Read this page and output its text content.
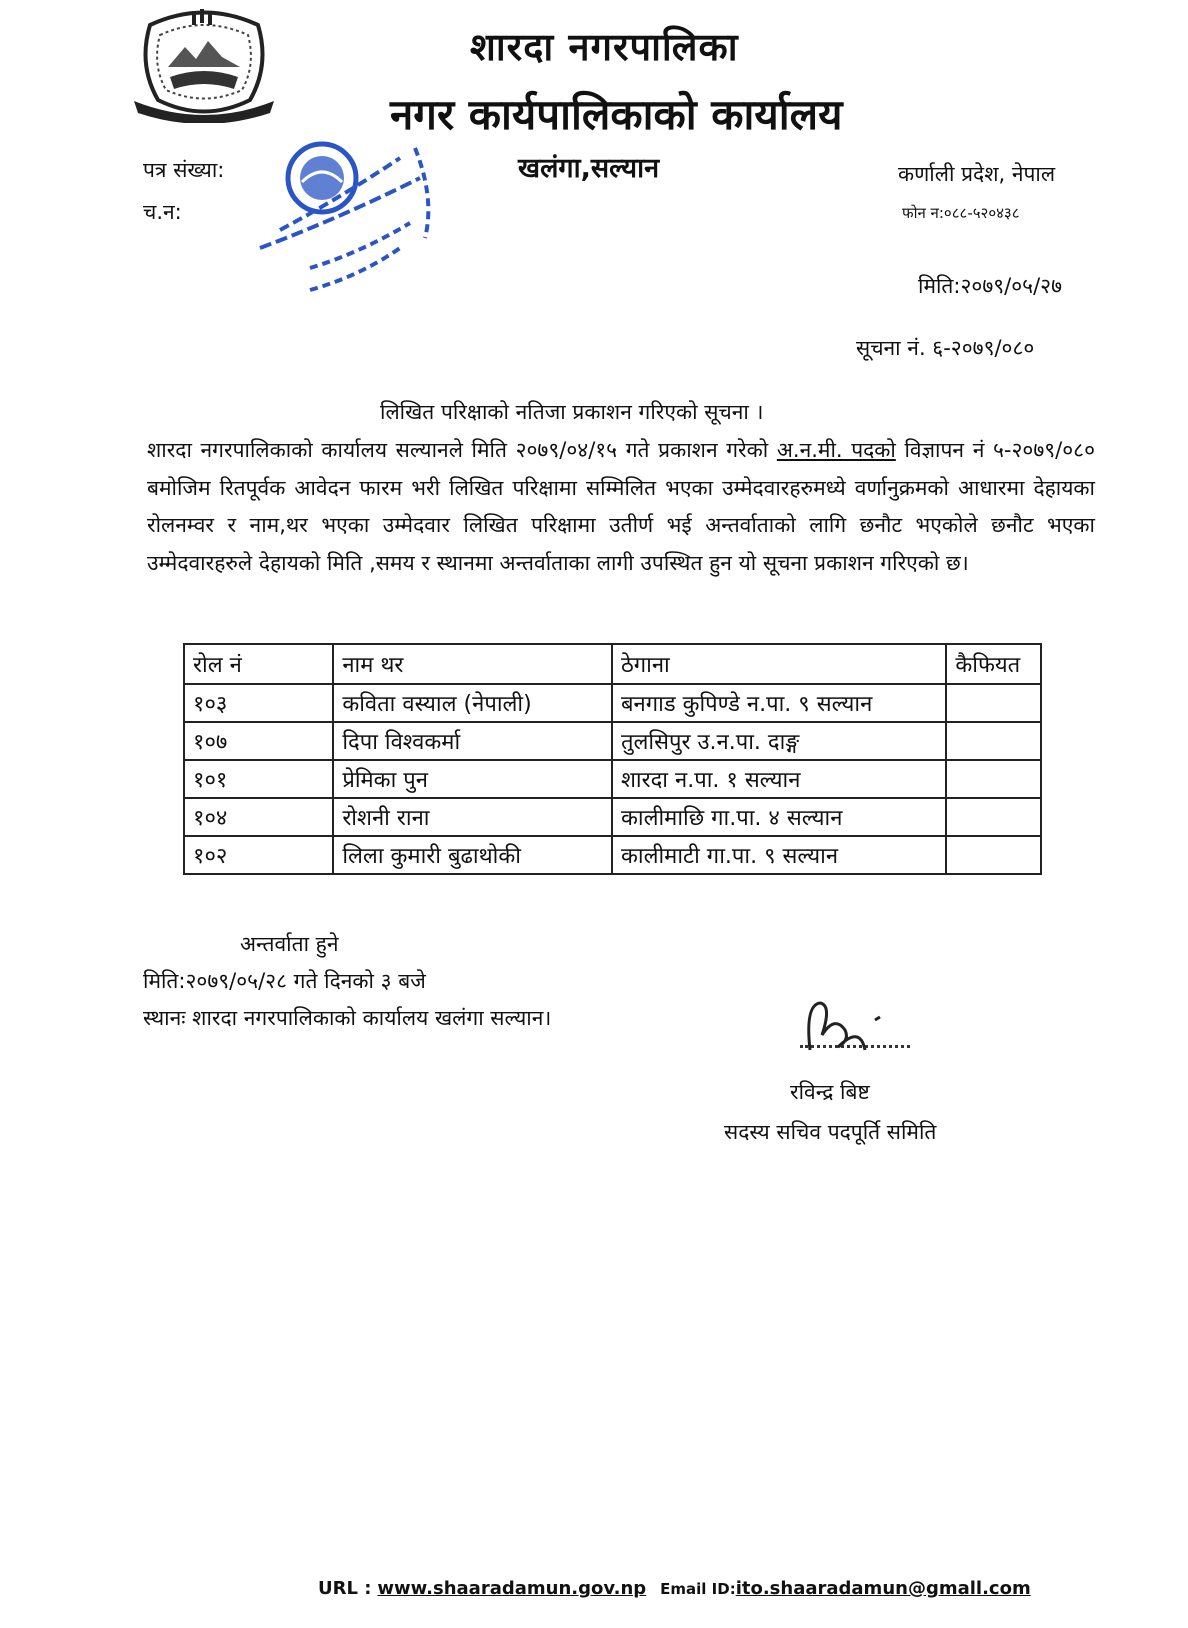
शारदा नगरपालिका
नगर कार्यपालिकाको कार्यालय
पत्र संख्या:
च.न:
खलंगा,सल्यान	कर्णाली प्रदेश, नेपाल
फोन न:०८८-५२०४३८
मिति:२०७९/०५/२७
सूचना नं. ६-२०७९/०८०
लिखित परिक्षाको नतिजा प्रकाशन गरिएको सूचना ।
शारदा नगरपालिकाको कार्यालय सल्यानले मिति २०७९/०४/१५ गते प्रकाशन गरेको अ.न.मी. पदको विज्ञापन नं ५-२०७९/०८० बमोजिम रितपूर्वक आवेदन फारम भरी लिखित परिक्षामा सम्मिलित भएका उम्मेदवारहरुमध्ये वर्णानुक्रमको आधारमा देहायका रोलनम्वर र नाम,थर भएका उम्मेदवार लिखित परिक्षामा उतीर्ण भई अन्तर्वाताको लागि छनौट भएकोले छनौट भएका उम्मेदवारहरुले देहायको मिति ,समय र स्थानमा अन्तर्वाताका लागी उपस्थित हुन यो सूचना प्रकाशन गरिएको छ।
रोल नं	नाम थर	ठेगाना	कैफियत
१०३	कविता वस्याल (नेपाली)	बनगाड कुपिण्डे न.पा. ९ सल्यान	
१०७	दिपा विश्वकर्मा	तुलसिपुर उ.न.पा. दाङ्ग	
१०१	प्रेमिका पुन	शारदा न.पा. १ सल्यान	
१०४	रोशनी राना	कालीमाछि गा.पा. ४ सल्यान	
१०२	लिला कुमारी बुढाथोकी	कालीमाटी गा.पा. ९ सल्यान	
अन्तर्वाता हुने
मिति:२०७९/०५/२८ गते दिनको ३ बजे
स्थानः शारदा नगरपालिकाको कार्यालय खलंगा सल्यान।
रविन्द्र बिष्ट
सदस्य सचिव पदपूर्ति समिति
URL : www.shaaradamun.gov.np Email ID:ito.shaaradamun@gmall.com
